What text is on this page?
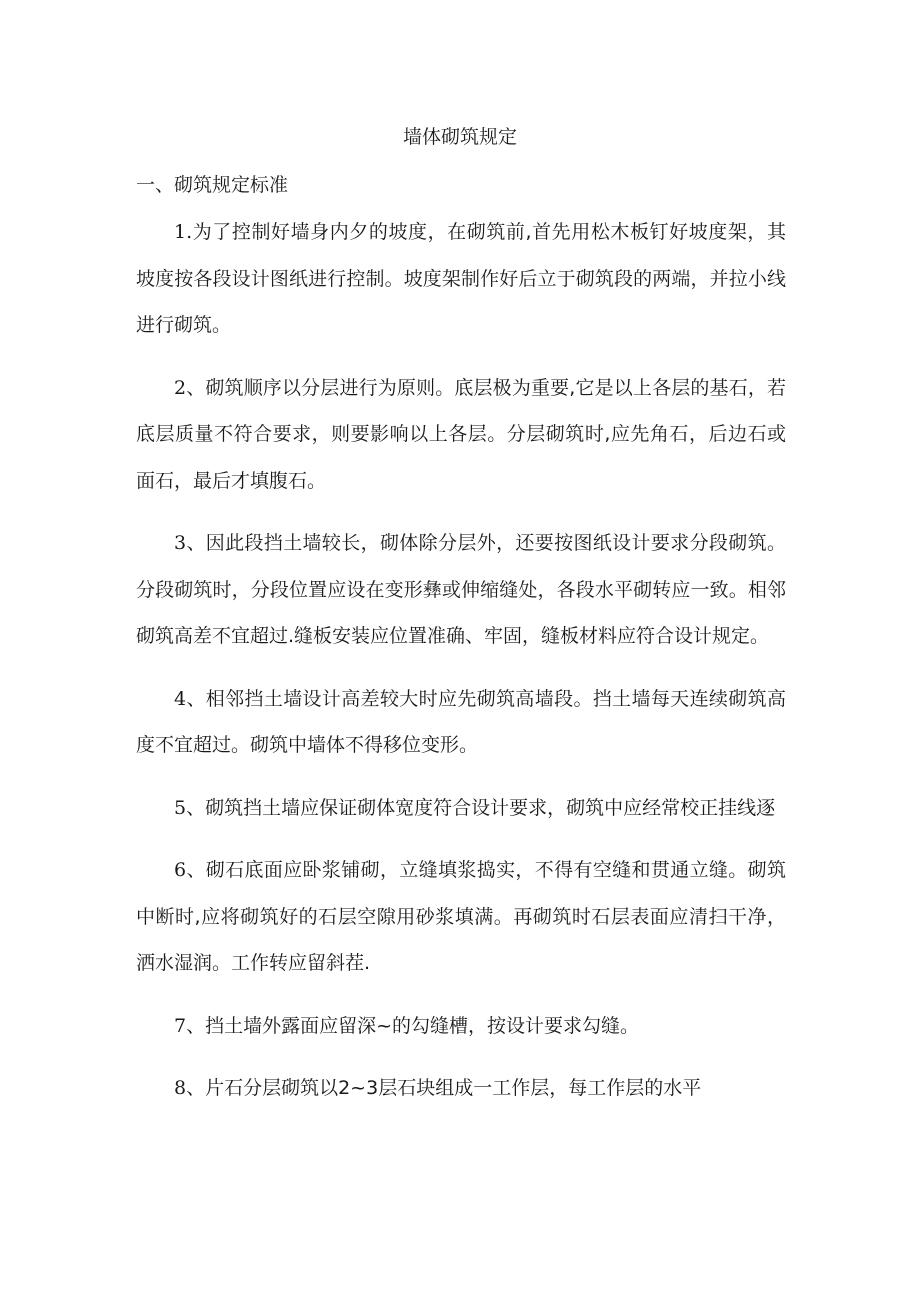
墙体砌筑规定
一、砌筑规定标准

1.为了控制好墙身内夕的坡度，在砌筑前,首先用松木板钉好坡度架，其坡度按各段设计图纸进行控制。坡度架制作好后立于砌筑段的两端，并拉小线进行砌筑。

2、砌筑顺序以分层进行为原则。底层极为重要,它是以上各层的基石，若底层质量不符合要求，则要影响以上各层。分层砌筑时,应先角石，后边石或面石，最后才填腹石。

3、因此段挡土墙较长，砌体除分层外，还要按图纸设计要求分段砌筑。分段砌筑时，分段位置应设在变形彝或伸缩缝处，各段水平砌转应一致。相邻砌筑高差不宜超过.缝板安装应位置准确、牢固，缝板材料应符合设计规定。

4、相邻挡土墙设计高差较大时应先砌筑高墙段。挡土墙每天连续砌筑高度不宜超过。砌筑中墙体不得移位变形。

5、砌筑挡土墙应保证砌体宽度符合设计要求，砌筑中应经常校正挂线逐

6、砌石底面应卧浆铺砌，立缝填浆捣实，不得有空缝和贯通立缝。砌筑中断时,应将砌筑好的石层空隙用砂浆填满。再砌筑时石层表面应清扫干净，洒水湿润。工作转应留斜茬.

7、挡土墙外露面应留深~的勾缝槽，按设计要求勾缝。

8、片石分层砌筑以2~3层石块组成一工作层，每工作层的水平
